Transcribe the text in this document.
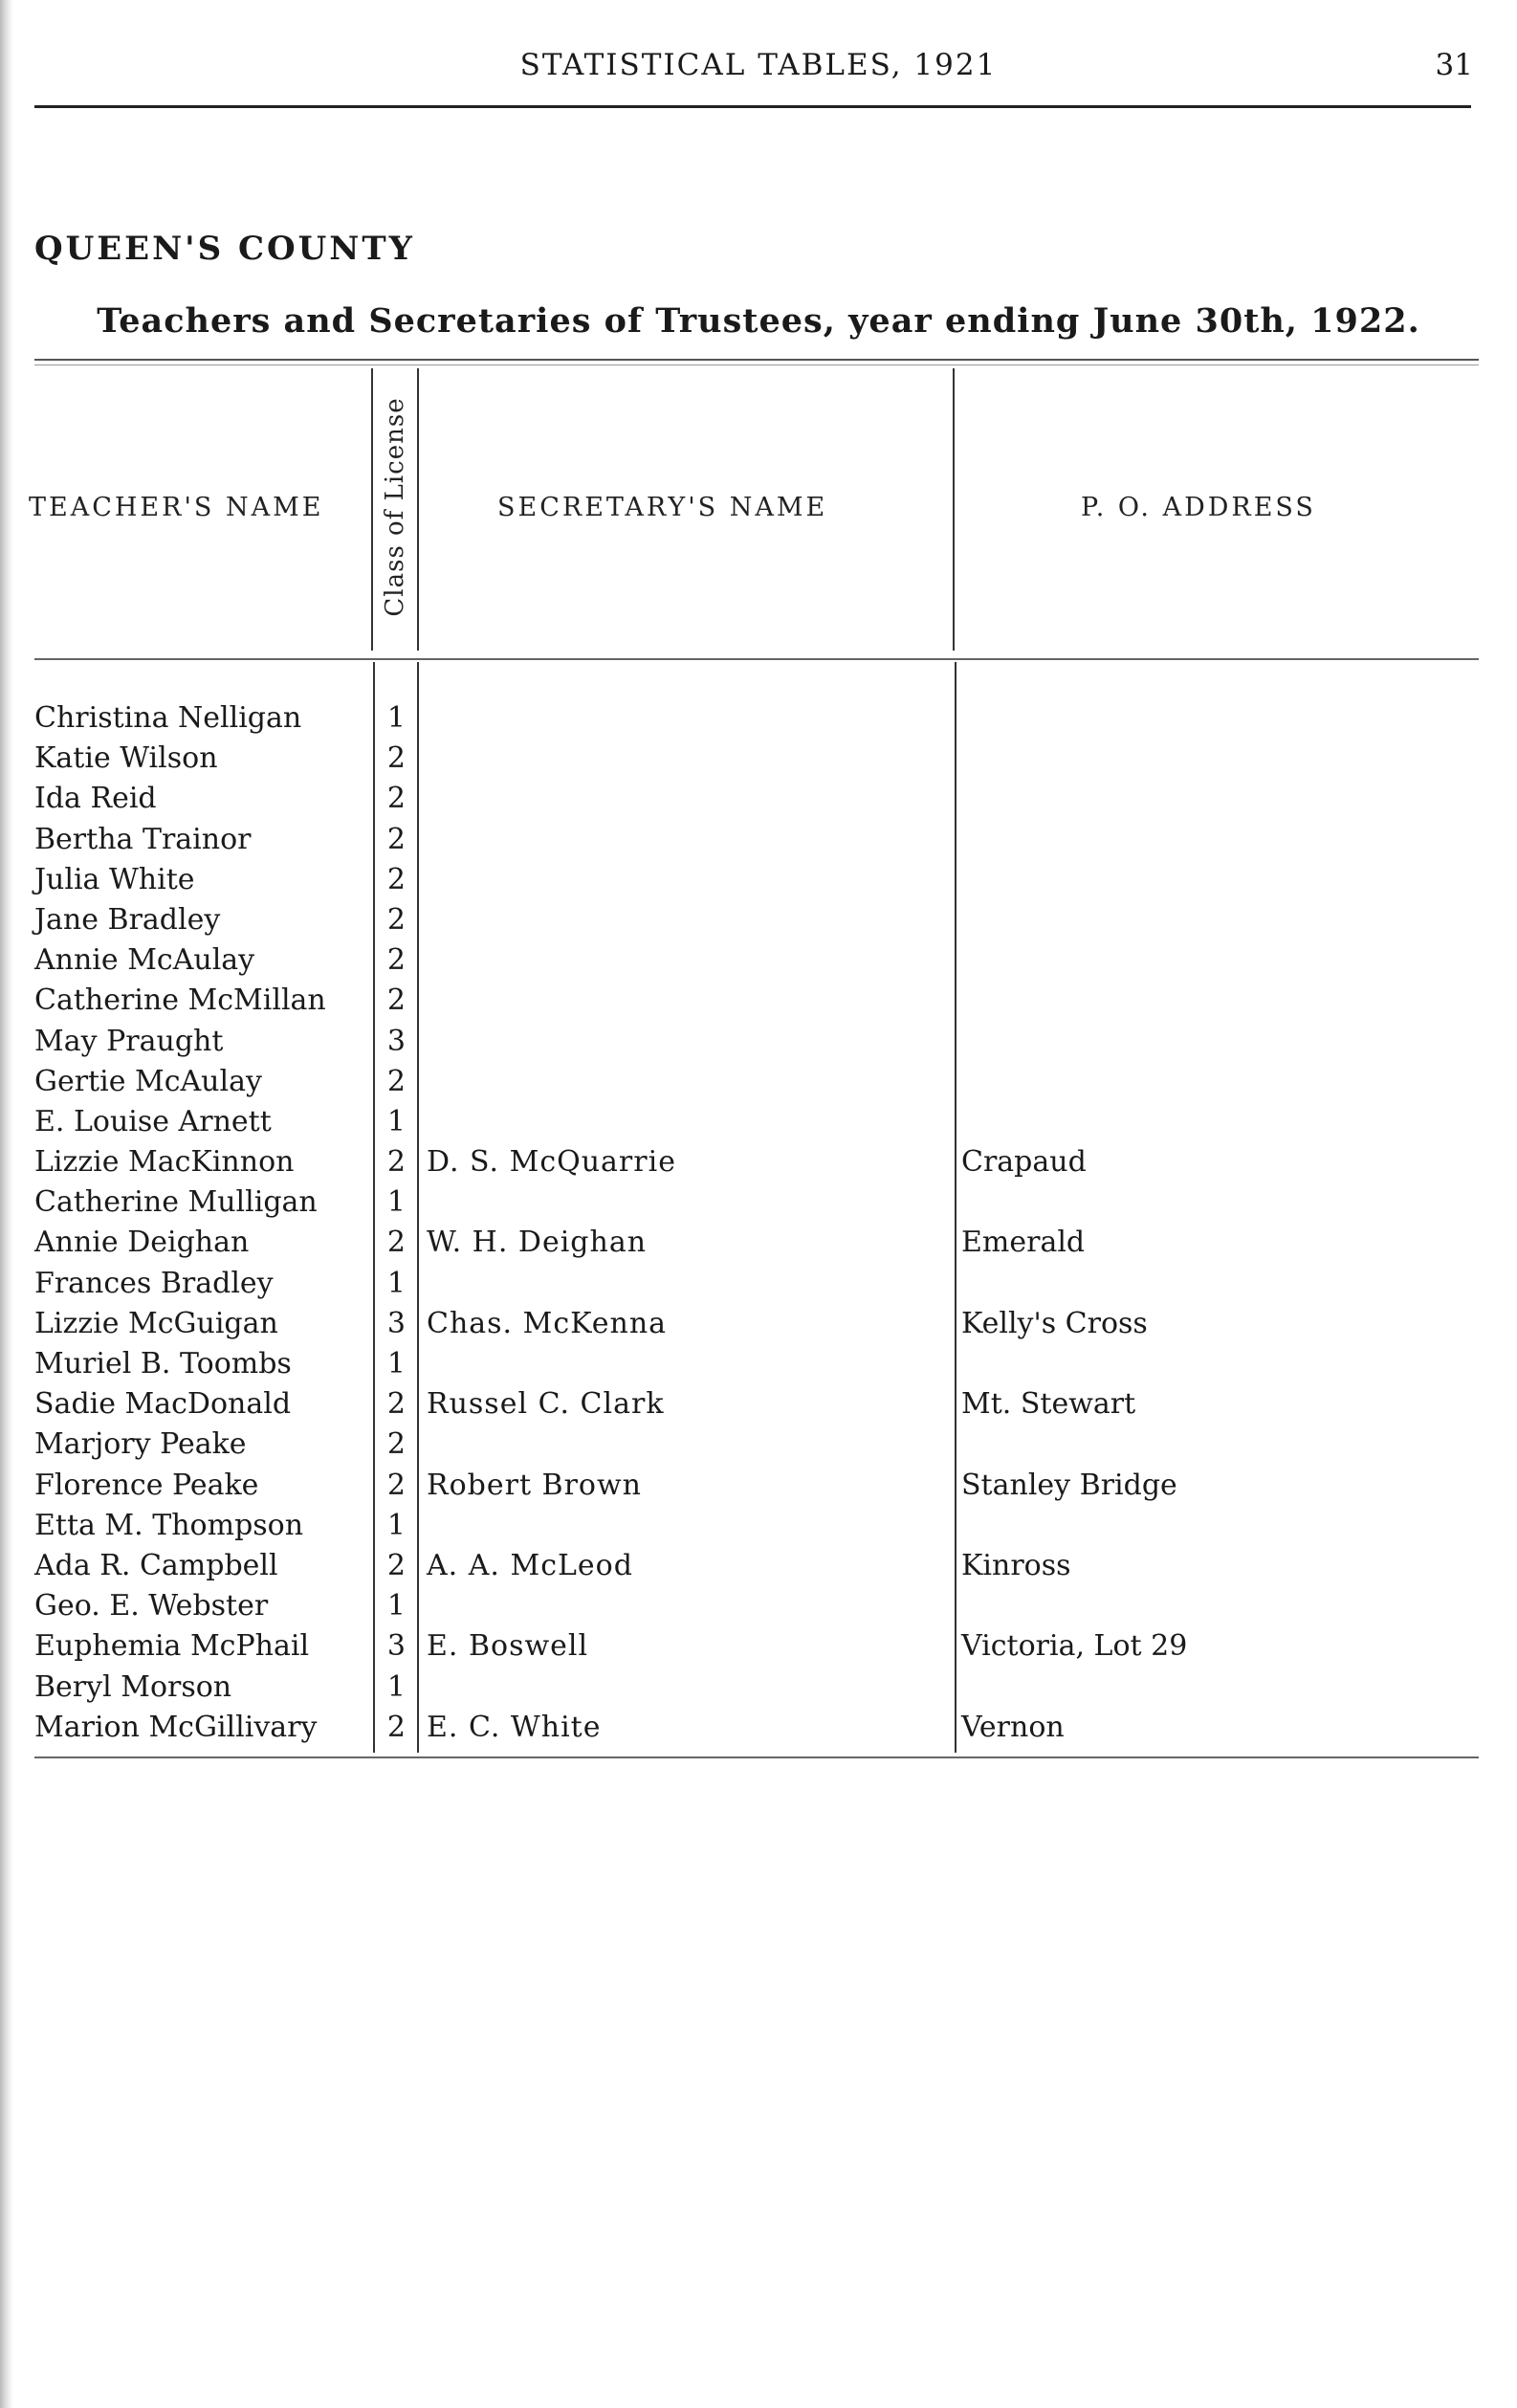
STATISTICAL TABLES, 1921	31
QUEEN'S COUNTY
Teachers and Secretaries of Trustees, year ending June 30th, 1922.
TEACHER'S NAME Class of License	SECRETARY'S NAME	P. O. ADDRESS
Christina Nelligan	1
Katie Wilson	2
Ida Reid	2
Bertha Trainor	2
Julia White	2
Jane Bradley	2
Annie McAulay	2
Catherine McMillan 2
May Praught	3
Gertie McAulay	2
E. Louise Arnett	1
Lizzie MacKinnon	2 D. S. McQuarrie	Crapaud
Catherine Mulligan 1
Annie Deighan	2 W. H. Deighan	Emerald
Frances Bradley	1
Lizzie McGuigan	3 Chas. McKenna	Kelly's Cross
Muriel B. Toombs	1
Sadie MacDonald	2 Russel C. Clark	Mt. Stewart
Marjory Peake	2
Florence Peake	2 Robert Brown	Stanley Bridge
Etta M. Thompson	1
Ada R. Campbell	2 A. A. McLeod	Kinross
Geo. E. Webster	1
Euphemia McPhail	3 E. Boswell	Victoria, Lot 29
Beryl Morson	1
Marion McGillivary 2 E. C. White	Vernon
